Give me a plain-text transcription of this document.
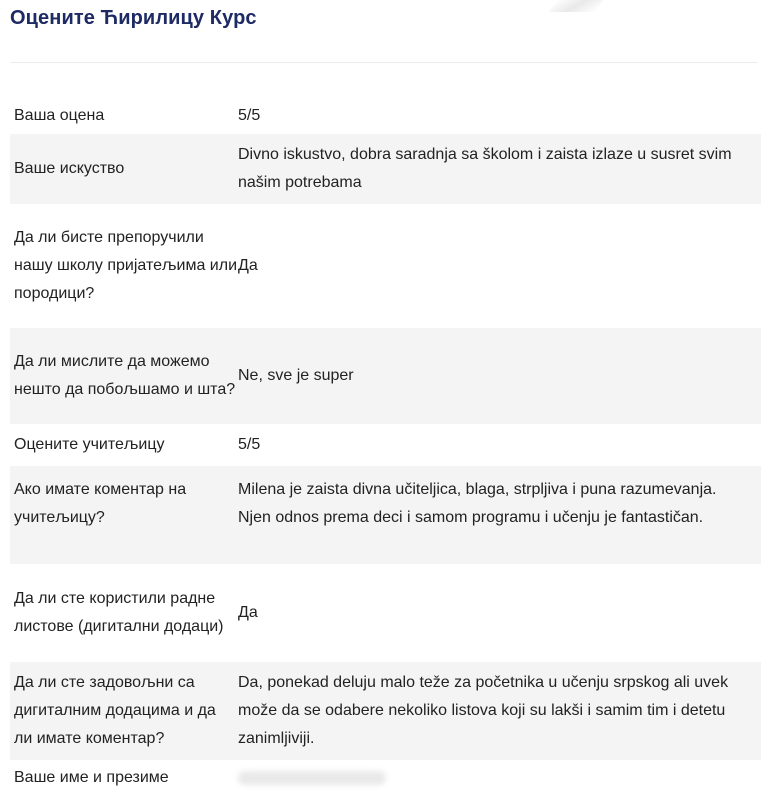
Оцените Ћирилицу Курс
Ваша оцена	5/5
Ваше искуство
Divno iskustvo, dobra saradnja sa školom i zaista izlaze u susret svim našim potrebama
Да ли бисте препоручили нашу школу пријатељима или породици?
Да
Да ли мислите да можемо нешто да побољшамо и шта?
Ne, sve je super
Оцените учитељицу	5/5
Ако имате коментар на учитељицу?
Milena je zaista divna učiteljica, blaga, strpljiva i puna razumevanja. Njen odnos prema deci i samom programu i učenju je fantastičan.
Да ли сте користили радне листове (дигитални додаци)
Да
Да ли сте задовољни са дигиталним додацима и да ли имате коментар?
Da, ponekad deluju malo teže za početnika u učenju srpskog ali uvek može da se odabere nekoliko listova koji su lakši i samim tim i detetu zanimljiviji.
Ваше име и презиме
